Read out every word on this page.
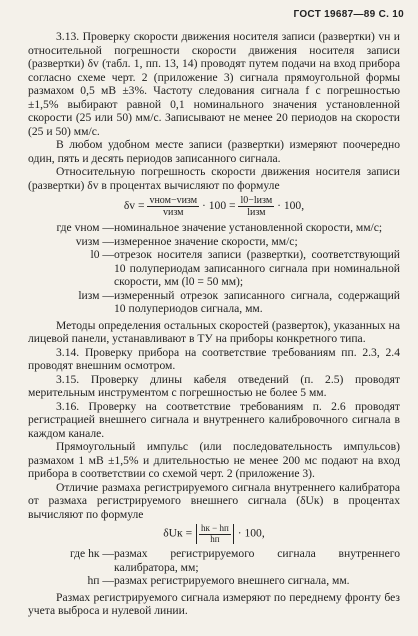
ГОСТ 19687—89 С. 10

3.13. Проверку скорости движения носителя записи (развертки) vн и относительной погрешности скорости движения носителя записи (развертки) δv (табл. 1, пп. 13, 14) проводят путем подачи на вход прибора согласно схеме черт. 2 (приложение 3) сигнала прямоугольной формы размахом 0,5 мВ ±3%. Частоту следования сигнала f с погрешностью ±1,5% выбирают равной 0,1 номинального значения установленной скорости (25 или 50) мм/с. Записывают не менее 20 периодов на скорости (25 и 50) мм/с.

В любом удобном месте записи (развертки) измеряют поочередно один, пять и десять периодов записанного сигнала.

Относительную погрешность скорости движения носителя записи (развертки) δv в процентах вычисляют по формуле

$\delta v = \frac{\text{vном−vизм}}{\text{vизм}} \cdot 100 = \frac{\text{l0−lизм}}{\text{lизм}} \cdot 100$,
где vном — номинальное значение установленной скорости, мм/с;
vизм — измеренное значение скорости, мм/с;
l0 — отрезок носителя записи (развертки), соответствующий 10 полупериодам записанного сигнала при номинальной скорости, мм (l0 = 50 мм);
lизм — измеренный отрезок записанного сигнала, содержащий 10 полупериодов сигнала, мм.

Методы определения остальных скоростей (разверток), указанных на лицевой панели, устанавливают в ТУ на приборы конкретного типа.

3.14. Проверку прибора на соответствие требованиям пп. 2.3, 2.4 проводят внешним осмотром.

3.15. Проверку длины кабеля отведений (п. 2.5) проводят мерительным инструментом с погрешностью не более 5 мм.

3.16. Проверку на соответствие требованиям п. 2.6 проводят регистрацией внешнего сигнала и внутреннего калибровочного сигнала в каждом канале.

Прямоугольный импульс (или последовательность импульсов) размахом 1 мВ ±1,5% и длительностью не менее 200 мс подают на вход прибора в соответствии со схемой черт. 2 (приложение 3).

Отличие размаха регистрируемого сигнала внутреннего калибратора от размаха регистрируемого внешнего сигнала (δUк) в процентах вычисляют по формуле

$\delta Uк = \frac{hк - hп}{hп} \cdot 100$,
где hк — размах регистрируемого сигнала внутреннего калибратора, мм;
hп — размах регистрируемого внешнего сигнала, мм.

Размах регистрируемого сигнала измеряют по переднему фронту без учета выброса и нулевой линии.
